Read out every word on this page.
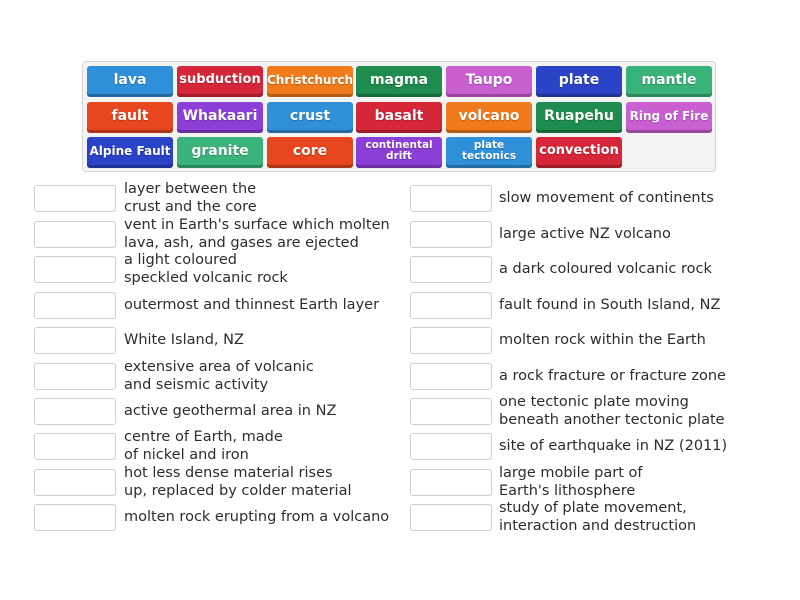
lava	subduction Christchurch	magma	Taupo	plate	mantle
fault	Whakaari	crust	basalt	volcano	Ruapehu	Ring of Fire
Alpine Fault	granite	core	continental
drift
plate
tectonics	convection
layer between the
crust and the core
vent in Earth's surface which molten
lava, ash, and gases are ejected
a light coloured
speckled volcanic rock
outermost and thinnest Earth layer
White Island, NZ
extensive area of volcanic
and seismic activity
active geothermal area in NZ
centre of Earth, made
of nickel and iron
hot less dense material rises
up, replaced by colder material
molten rock erupting from a volcano
slow movement of continents
large active NZ volcano
a dark coloured volcanic rock
fault found in South Island, NZ
molten rock within the Earth
a rock fracture or fracture zone
one tectonic plate moving
beneath another tectonic plate
site of earthquake in NZ (2011)
large mobile part of
Earth's lithosphere
study of plate movement,
interaction and destruction
